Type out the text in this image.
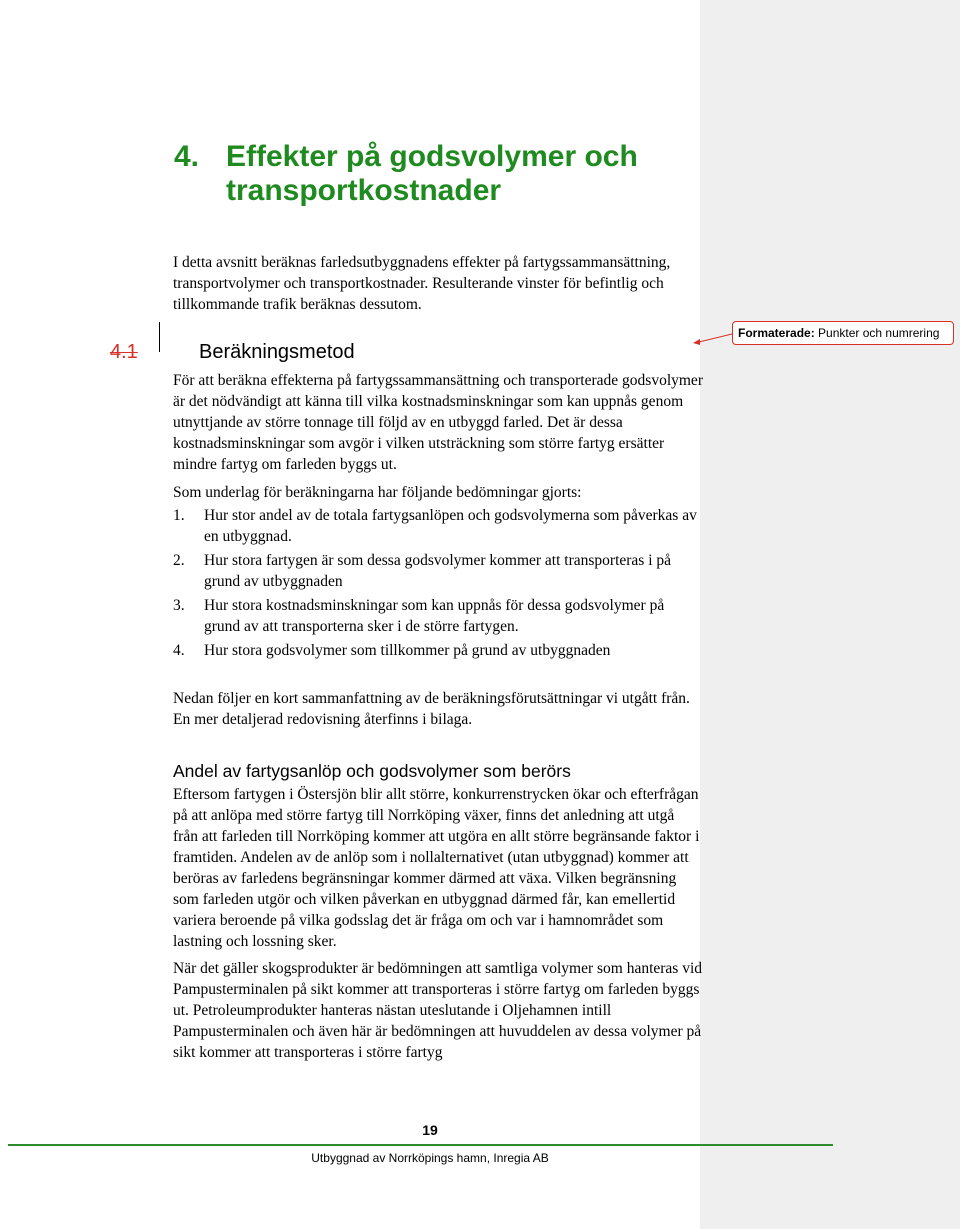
Formaterade: Punkter och numrering
4. Effekter på godsvolymer och
transportkostnader
I detta avsnitt beräknas farledsutbyggnadens effekter på fartygssammansättning, transportvolymer och transportkostnader. Resulterande vinster för befintlig och tillkommande trafik beräknas dessutom.
4.1	Beräkningsmetod
För att beräkna effekterna på fartygssammansättning och transporterade godsvolymer är det nödvändigt att känna till vilka kostnadsminskningar som kan uppnås genom utnyttjande av större tonnage till följd av en utbyggd farled. Det är dessa kostnadsminskningar som avgör i vilken utsträckning som större fartyg ersätter mindre fartyg om farleden byggs ut.
Som underlag för beräkningarna har följande bedömningar gjorts:
1.	Hur stor andel av de totala fartygsanlöpen och godsvolymerna som påverkas av en utbyggnad.
2.	Hur stora fartygen är som dessa godsvolymer kommer att transporteras i på grund av utbyggnaden
3.	Hur stora kostnadsminskningar som kan uppnås för dessa godsvolymer på grund av att transporterna sker i de större fartygen.
4.	Hur stora godsvolymer som tillkommer på grund av utbyggnaden
Nedan följer en kort sammanfattning av de beräkningsförutsättningar vi utgått från. En mer detaljerad redovisning återfinns i bilaga.
Andel av fartygsanlöp och godsvolymer som berörs
Eftersom fartygen i Östersjön blir allt större, konkurrenstrycken ökar och efterfrågan på att anlöpa med större fartyg till Norrköping växer, finns det anledning att utgå från att farleden till Norrköping kommer att utgöra en allt större begränsande faktor i framtiden. Andelen av de anlöp som i nollalternativet (utan utbyggnad) kommer att beröras av farledens begränsningar kommer därmed att växa. Vilken begränsning som farleden utgör och vilken påverkan en utbyggnad därmed får, kan emellertid variera beroende på vilka godsslag det är fråga om och var i hamnområdet som lastning och lossning sker.
När det gäller skogsprodukter är bedömningen att samtliga volymer som hanteras vid Pampusterminalen på sikt kommer att transporteras i större fartyg om farleden byggs ut. Petroleumprodukter hanteras nästan uteslutande i Oljehamnen intill Pampusterminalen och även här är bedömningen att huvuddelen av dessa volymer på sikt kommer att transporteras i större fartyg
19
Utbyggnad av Norrköpings hamn, Inregia AB
